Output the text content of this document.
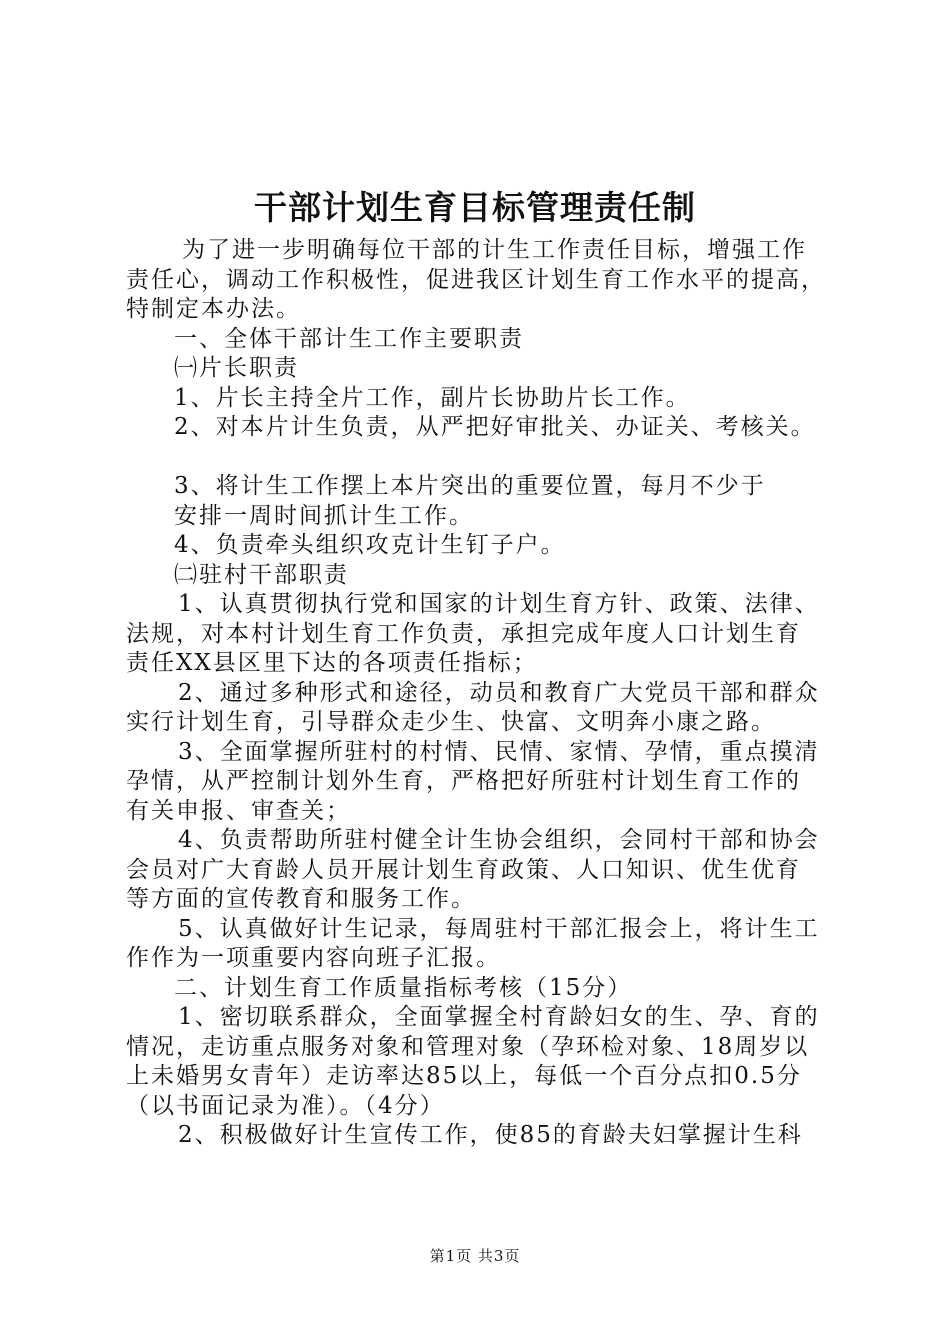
干部计划生育目标管理责任制
为了进一步明确每位干部的计生工作责任目标，增强工作
责任心，调动工作积极性，促进我区计划生育工作水平的提高，
特制定本办法。
一、全体干部计生工作主要职责
㈠片长职责
1、片长主持全片工作，副片长协助片长工作。
2、对本片计生负责，从严把好审批关、办证关、考核关。
3、将计生工作摆上本片突出的重要位置，每月不少于
安排一周时间抓计生工作。
4、负责牵头组织攻克计生钉子户。
㈡驻村干部职责
1、认真贯彻执行党和国家的计划生育方针、政策、法律、
法规，对本村计划生育工作负责，承担完成年度人口计划生育
责任XX县区里下达的各项责任指标；
2、通过多种形式和途径，动员和教育广大党员干部和群众
实行计划生育，引导群众走少生、快富、文明奔小康之路。
3、全面掌握所驻村的村情、民情、家情、孕情，重点摸清
孕情，从严控制计划外生育，严格把好所驻村计划生育工作的
有关申报、审查关；
4、负责帮助所驻村健全计生协会组织，会同村干部和协会
会员对广大育龄人员开展计划生育政策、人口知识、优生优育
等方面的宣传教育和服务工作。
5、认真做好计生记录，每周驻村干部汇报会上，将计生工
作作为一项重要内容向班子汇报。
二、计划生育工作质量指标考核（15分）
1、密切联系群众，全面掌握全村育龄妇女的生、孕、育的
情况，走访重点服务对象和管理对象（孕环检对象、18周岁以
上未婚男女青年）走访率达85以上，每低一个百分点扣0.5分
（以书面记录为准）。（4分）
2、积极做好计生宣传工作，使85的育龄夫妇掌握计生科
第1页 共3页
